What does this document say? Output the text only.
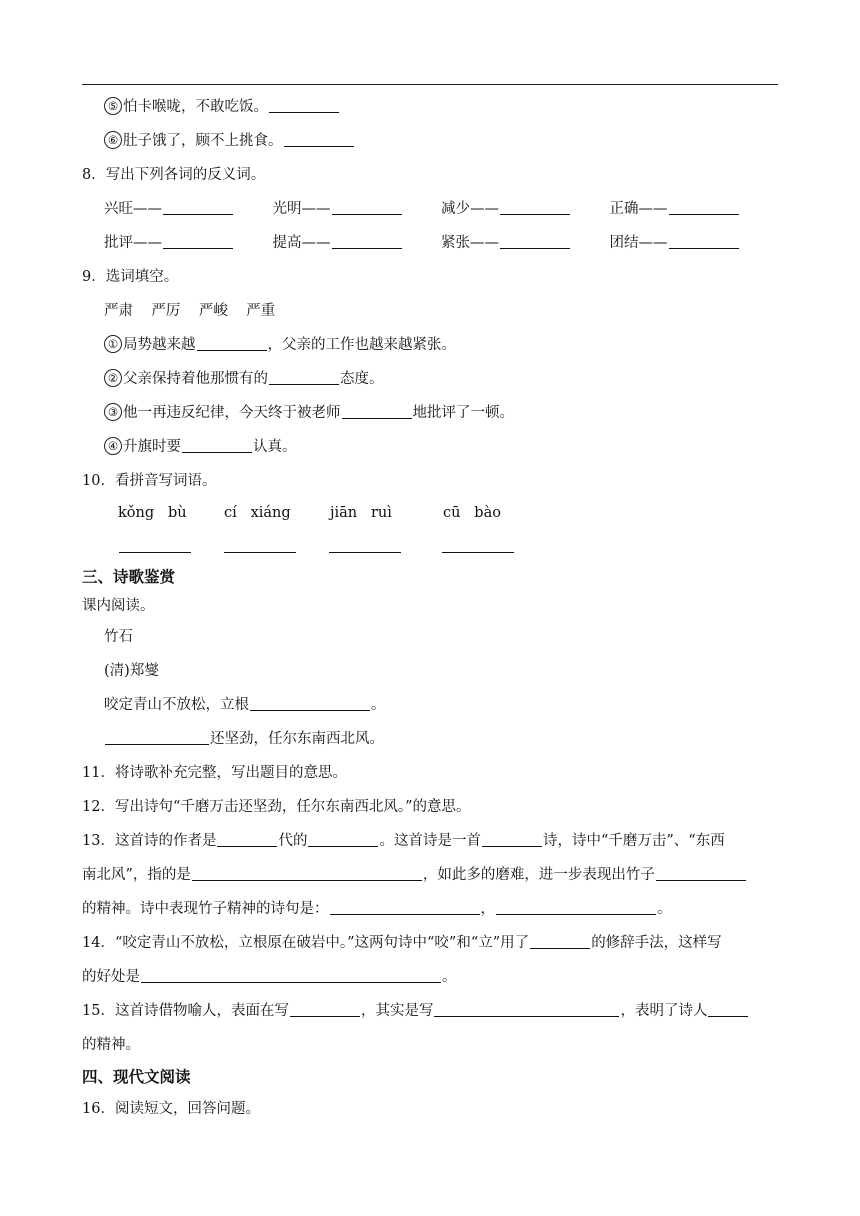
⑤ 怕卡喉咙，不敢吃饭。
⑥ 肚子饿了，顾不上挑食。
8．写出下列各词的反义词。
兴旺——	光明——	减少——	正确——
批评——	提高——	紧张——	团结——
9．选词填空。
严肃    严厉    严峻    严重
① 局势越来越	，父亲的工作也越来越紧张。
② 父亲保持着他那惯有的	态度。
③ 他一再违反纪律，今天终于被老师	地批评了一顿。
④ 升旗时要	认真。
10．看拼音写词语。
kǒng   bù	cí   xiáng	jiān   ruì	cū   bào
三、诗歌鉴赏
课内阅读。
竹石
(清)郑燮
咬定青山不放松，立根	。
还坚劲，任尔东南西北风。
11．将诗歌补充完整，写出题目的意思。
12．写出诗句“千磨万击还坚劲，任尔东南西北风。”的意思。
13．这首诗的作者是	代的	。这首诗是一首	诗，诗中“千磨万击”、“东西
南北风”，指的是	，如此多的磨难，进一步表现出竹子
的精神。诗中表现竹子精神的诗句是：	，	。
14．“咬定青山不放松，立根原在破岩中。”这两句诗中“咬”和“立”用了	的修辞手法，这样写
的好处是	。
15．这首诗借物喻人，表面在写	，其实是写	，表明了诗人
的精神。
四、现代文阅读
16．阅读短文，回答问题。
